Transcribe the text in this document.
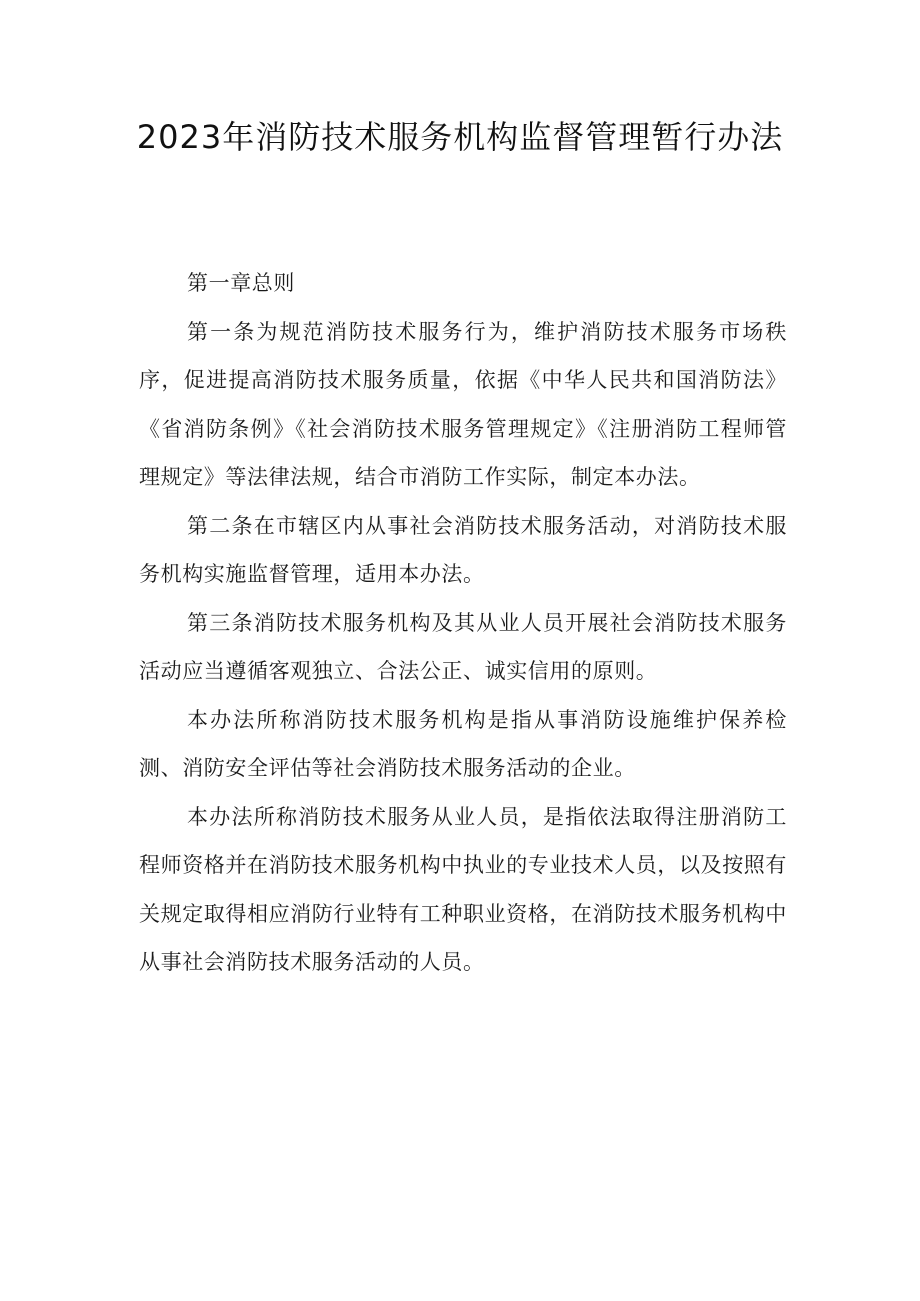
2023年消防技术服务机构监督管理暂行办法

第一章总则

第一条为规范消防技术服务行为，维护消防技术服务市场秩序，促进提高消防技术服务质量，依据《中华人民共和国消防法》《省消防条例》《社会消防技术服务管理规定》《注册消防工程师管理规定》等法律法规，结合市消防工作实际，制定本办法。

第二条在市辖区内从事社会消防技术服务活动，对消防技术服务机构实施监督管理，适用本办法。

第三条消防技术服务机构及其从业人员开展社会消防技术服务活动应当遵循客观独立、合法公正、诚实信用的原则。

本办法所称消防技术服务机构是指从事消防设施维护保养检测、消防安全评估等社会消防技术服务活动的企业。

本办法所称消防技术服务从业人员，是指依法取得注册消防工程师资格并在消防技术服务机构中执业的专业技术人员，以及按照有关规定取得相应消防行业特有工种职业资格，在消防技术服务机构中从事社会消防技术服务活动的人员。
